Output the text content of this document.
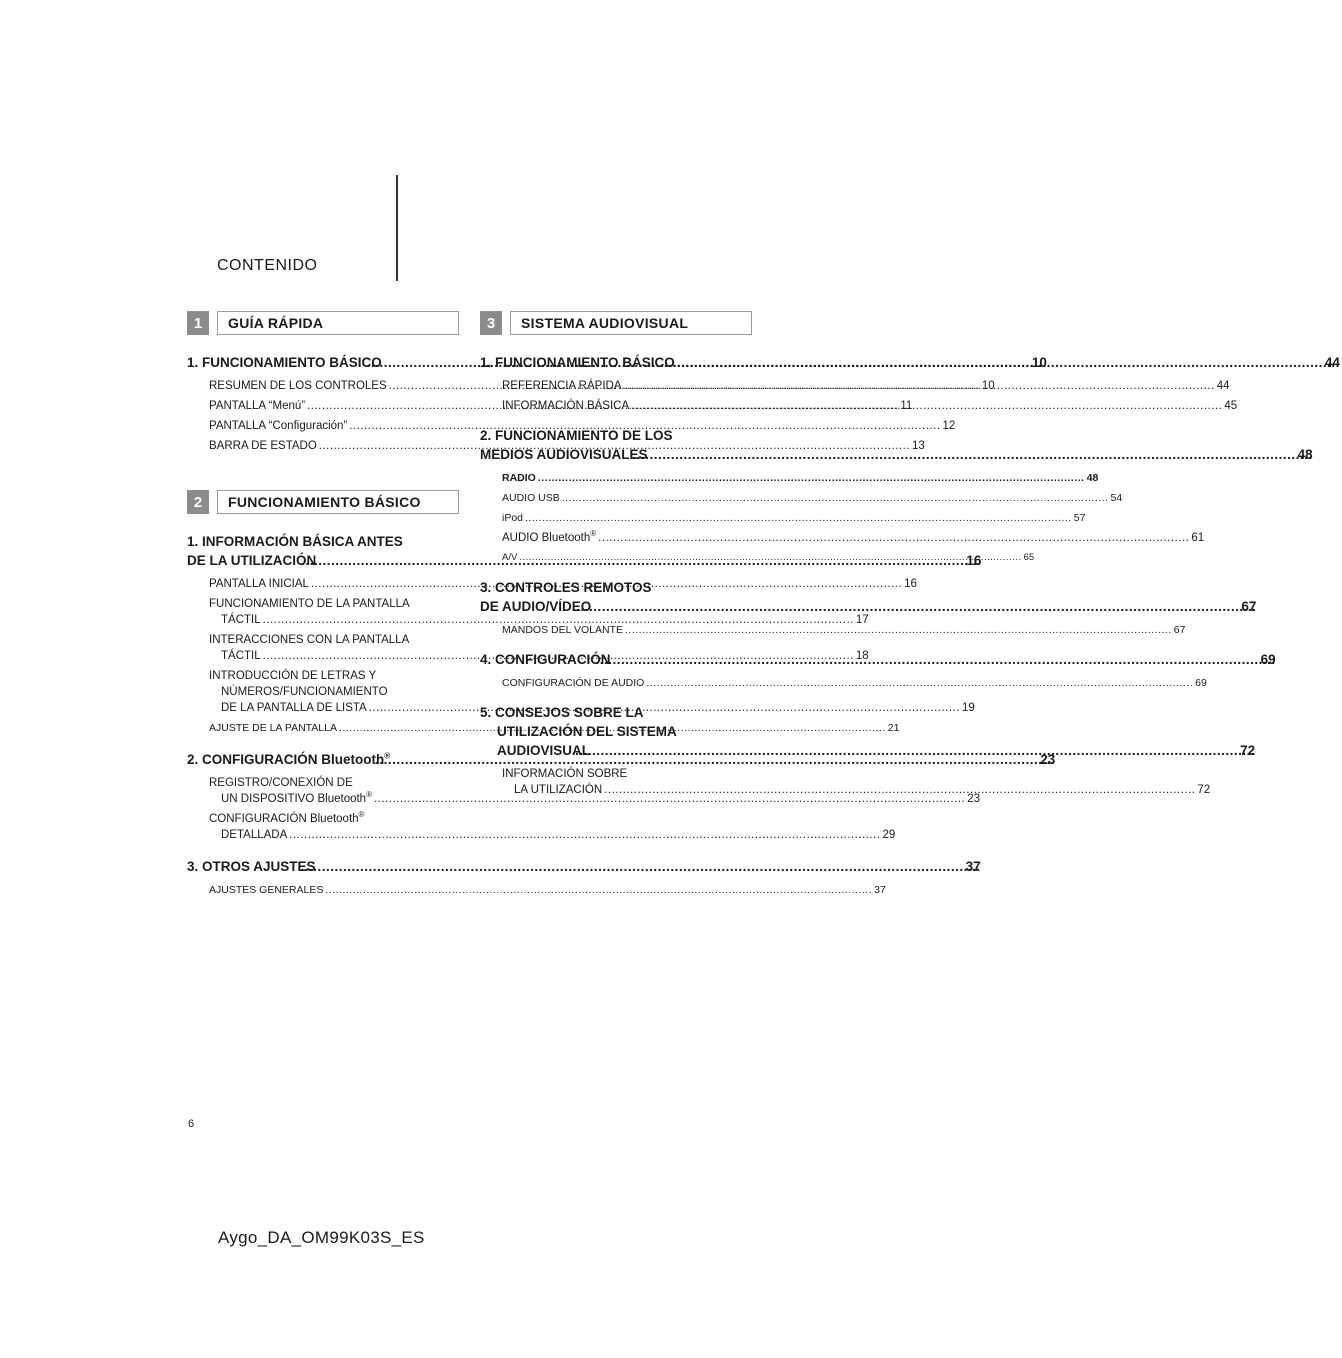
CONTENIDO
1	GUÍA RÁPIDA
1. FUNCIONAMIENTO BÁSICO .....	10
RESUMEN DE LOS CONTROLES .....	10
PANTALLA “Menú” .....	11
PANTALLA “Configuración” .....	12
BARRA DE ESTADO .....	13
2	FUNCIONAMIENTO BÁSICO
1. INFORMACIÓN BÁSICA ANTES
DE LA UTILIZACIÓN .....	16
PANTALLA INICIAL .....	16
FUNCIONAMIENTO DE LA PANTALLA
TÁCTIL .....	17
INTERACCIONES CON LA PANTALLA
TÁCTIL .....	18
INTRODUCCIÓN DE LETRAS Y
NÚMEROS/FUNCIONAMIENTO
DE LA PANTALLA DE LISTA .....	19
AJUSTE DE LA PANTALLA .....	21
2. CONFIGURACIÓN Bluetooth® .....	23
REGISTRO/CONEXIÓN DE
UN DISPOSITIVO Bluetooth® .....	23
CONFIGURACIÓN Bluetooth®
DETALLADA .....	29
3. OTROS AJUSTES .....	37
AJUSTES GENERALES .....	37
3	SISTEMA AUDIOVISUAL
1. FUNCIONAMIENTO BÁSICO .....	44
REFERENCIA RÁPIDA .....	44
INFORMACIÓN BÁSICA .....	45
2. FUNCIONAMIENTO DE LOS
MEDIOS AUDIOVISUALES .....	48
RADIO .....	48
AUDIO USB .....	54
iPod .....	57
AUDIO Bluetooth® .....	61
A/V .....	65
3. CONTROLES REMOTOS
DE AUDIO/VÍDEO .....	67
MANDOS DEL VOLANTE .....	67
4. CONFIGURACIÓN .....	69
CONFIGURACIÓN DE AUDIO .....	69
5. CONSEJOS SOBRE LA
UTILIZACIÓN DEL SISTEMA
AUDIOVISUAL .....	72
INFORMACIÓN SOBRE
LA UTILIZACIÓN .....	72
6
Aygo_DA_OM99K03S_ES
